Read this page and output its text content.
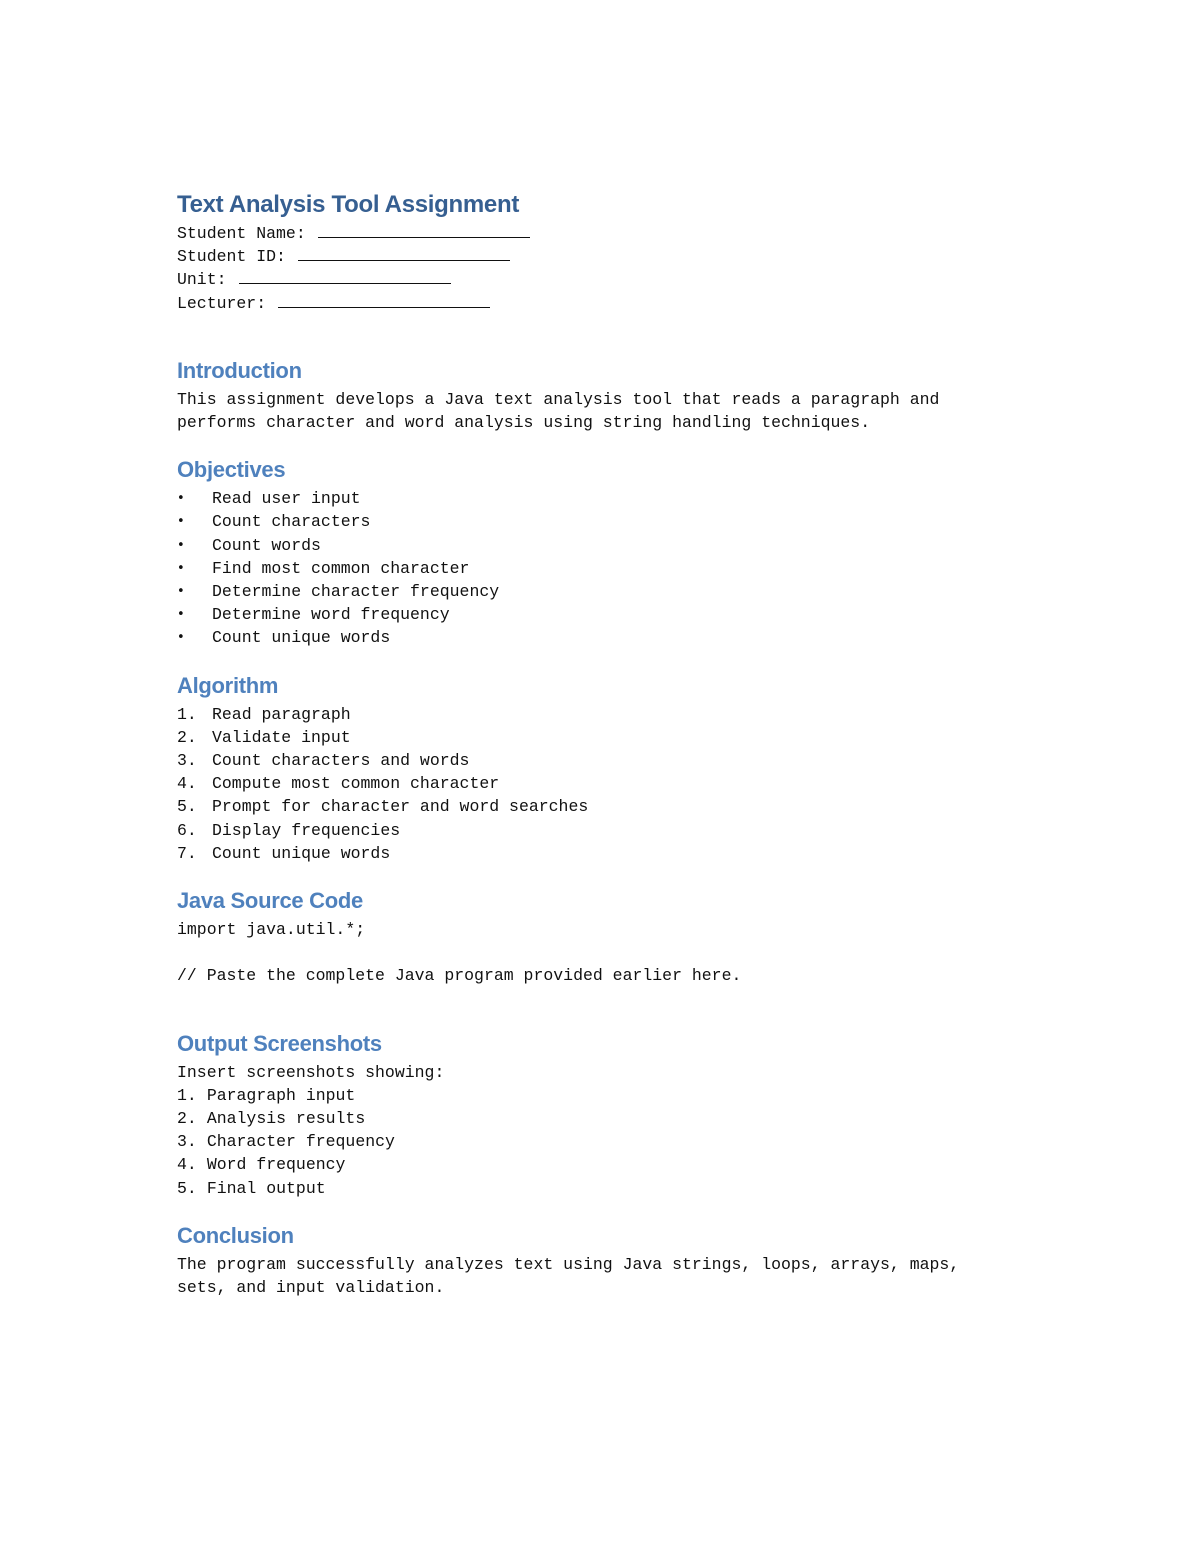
Text Analysis Tool Assignment
Student Name:
Student ID:
Unit:
Lecturer:
Introduction
This assignment develops a Java text analysis tool that reads a paragraph and
performs character and word analysis using string handling techniques.
Objectives
• Read user input
• Count characters
• Count words
• Find most common character
• Determine character frequency
• Determine word frequency
• Count unique words
Algorithm
1. Read paragraph
2. Validate input
3. Count characters and words
4. Compute most common character
5. Prompt for character and word searches
6. Display frequencies
7. Count unique words
Java Source Code
import java.util.*;

// Paste the complete Java program provided earlier here.
Output Screenshots
Insert screenshots showing:
1. Paragraph input
2. Analysis results
3. Character frequency
4. Word frequency
5. Final output
Conclusion
The program successfully analyzes text using Java strings, loops, arrays, maps,
sets, and input validation.
